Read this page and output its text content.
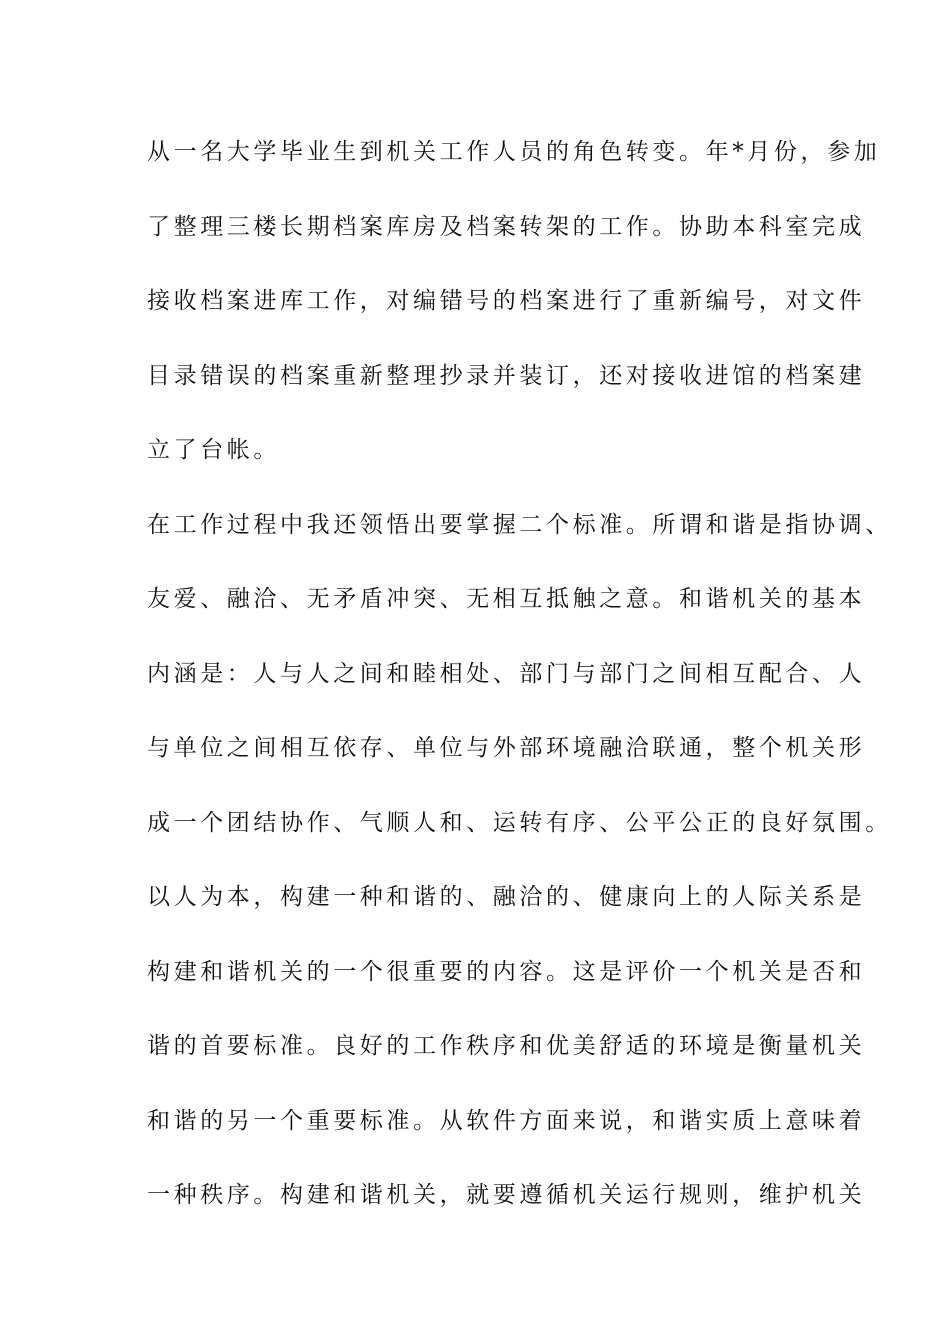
从一名大学毕业生到机关工作人员的角色转变。年*月份，参加
了整理三楼长期档案库房及档案转架的工作。协助本科室完成
接收档案进库工作，对编错号的档案进行了重新编号，对文件
目录错误的档案重新整理抄录并装订，还对接收进馆的档案建
立了台帐。
在工作过程中我还领悟出要掌握二个标准。所谓和谐是指协调、
友爱、融洽、无矛盾冲突、无相互抵触之意。和谐机关的基本
内涵是：人与人之间和睦相处、部门与部门之间相互配合、人
与单位之间相互依存、单位与外部环境融洽联通，整个机关形
成一个团结协作、气顺人和、运转有序、公平公正的良好氛围。
以人为本，构建一种和谐的、融洽的、健康向上的人际关系是
构建和谐机关的一个很重要的内容。这是评价一个机关是否和
谐的首要标准。良好的工作秩序和优美舒适的环境是衡量机关
和谐的另一个重要标准。从软件方面来说，和谐实质上意味着
一种秩序。构建和谐机关，就要遵循机关运行规则，维护机关
